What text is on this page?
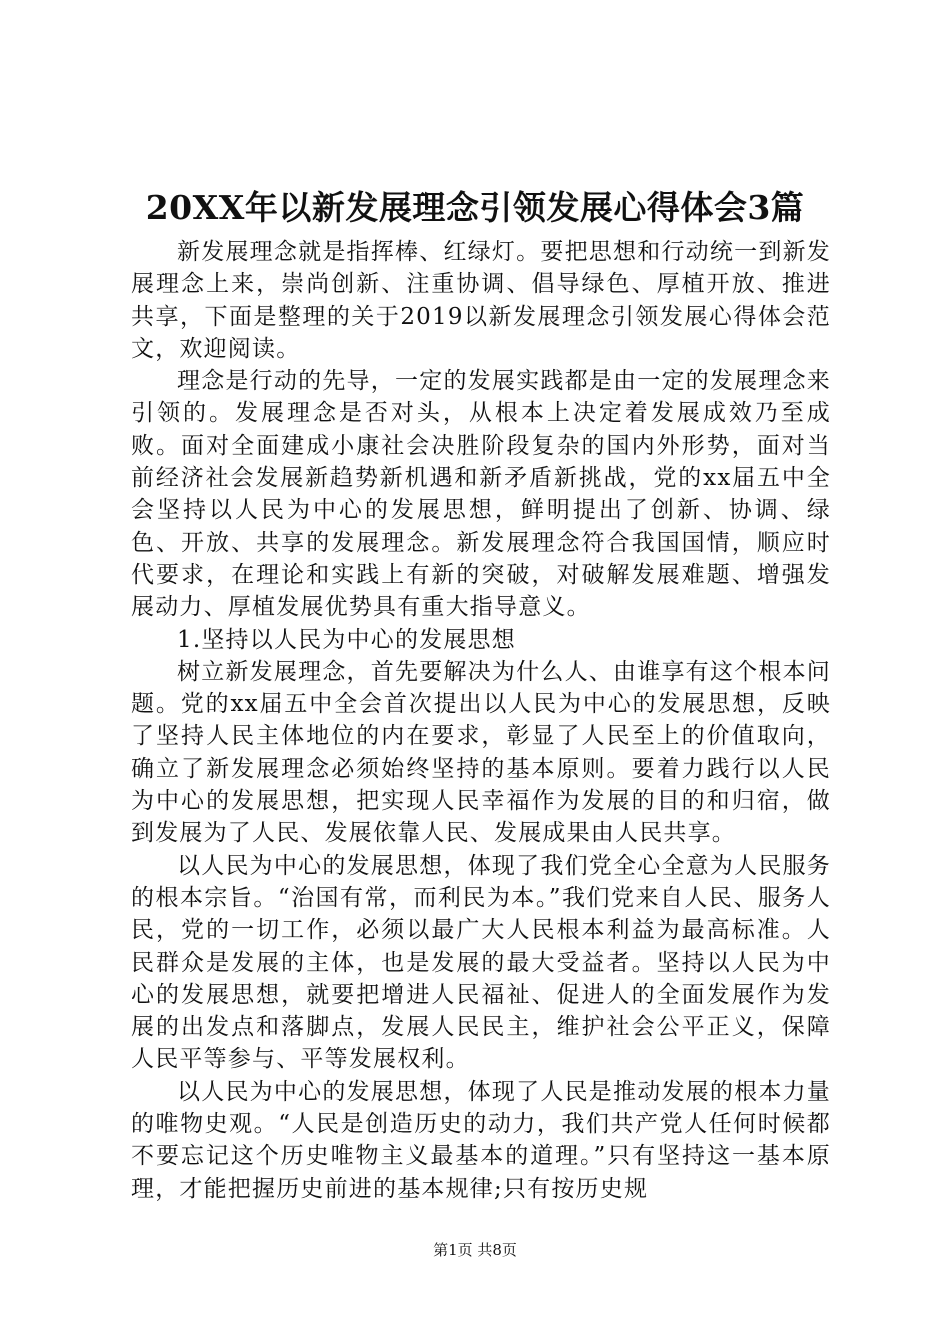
20XX年以新发展理念引领发展心得体会3篇

新发展理念就是指挥棒、红绿灯。要把思想和行动统一到新发展理念上来，崇尚创新、注重协调、倡导绿色、厚植开放、推进共享，下面是整理的关于2019以新发展理念引领发展心得体会范文，欢迎阅读。

理念是行动的先导，一定的发展实践都是由一定的发展理念来引领的。发展理念是否对头，从根本上决定着发展成效乃至成败。面对全面建成小康社会决胜阶段复杂的国内外形势，面对当前经济社会发展新趋势新机遇和新矛盾新挑战，党的xx届五中全会坚持以人民为中心的发展思想，鲜明提出了创新、协调、绿色、开放、共享的发展理念。新发展理念符合我国国情，顺应时代要求，在理论和实践上有新的突破，对破解发展难题、增强发展动力、厚植发展优势具有重大指导意义。

1.坚持以人民为中心的发展思想

树立新发展理念，首先要解决为什么人、由谁享有这个根本问题。党的xx届五中全会首次提出以人民为中心的发展思想，反映了坚持人民主体地位的内在要求，彰显了人民至上的价值取向，确立了新发展理念必须始终坚持的基本原则。要着力践行以人民为中心的发展思想，把实现人民幸福作为发展的目的和归宿，做到发展为了人民、发展依靠人民、发展成果由人民共享。

以人民为中心的发展思想，体现了我们党全心全意为人民服务的根本宗旨。“治国有常，而利民为本。”我们党来自人民、服务人民，党的一切工作，必须以最广大人民根本利益为最高标准。人民群众是发展的主体，也是发展的最大受益者。坚持以人民为中心的发展思想，就要把增进人民福祉、促进人的全面发展作为发展的出发点和落脚点，发展人民民主，维护社会公平正义，保障人民平等参与、平等发展权利。

以人民为中心的发展思想，体现了人民是推动发展的根本力量的唯物史观。“人民是创造历史的动力，我们共产党人任何时候都不要忘记这个历史唯物主义最基本的道理。”只有坚持这一基本原理，才能把握历史前进的基本规律;只有按历史规

第1页 共8页
